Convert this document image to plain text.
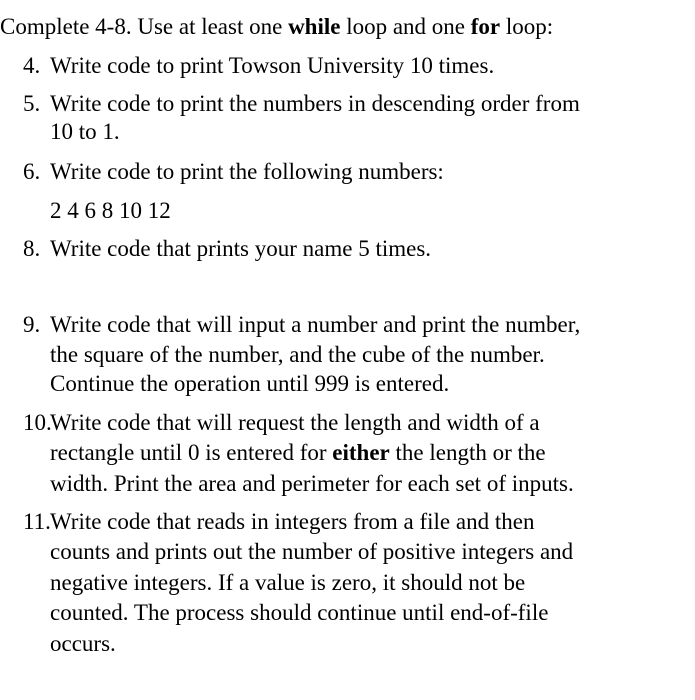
Complete 4-8. Use at least one while loop and one for loop:

4. Write code to print Towson University 10 times.

5. Write code to print the numbers in descending order from

10 to 1.

6. Write code to print the following numbers:

2 4 6 8 10 12

8. Write code that prints your name 5 times.

9. Write code that will input a number and print the number,

the square of the number, and the cube of the number.

Continue the operation until 999 is entered.

10.

Write code that will request the length and width of a

rectangle until 0 is entered for either the length or the

width. Print the area and perimeter for each set of inputs.

11. Write code that reads in integers from a file and then

counts and prints out the number of positive integers and

negative integers. If a value is zero, it should not be

counted. The process should continue until end-of-file

occurs.
